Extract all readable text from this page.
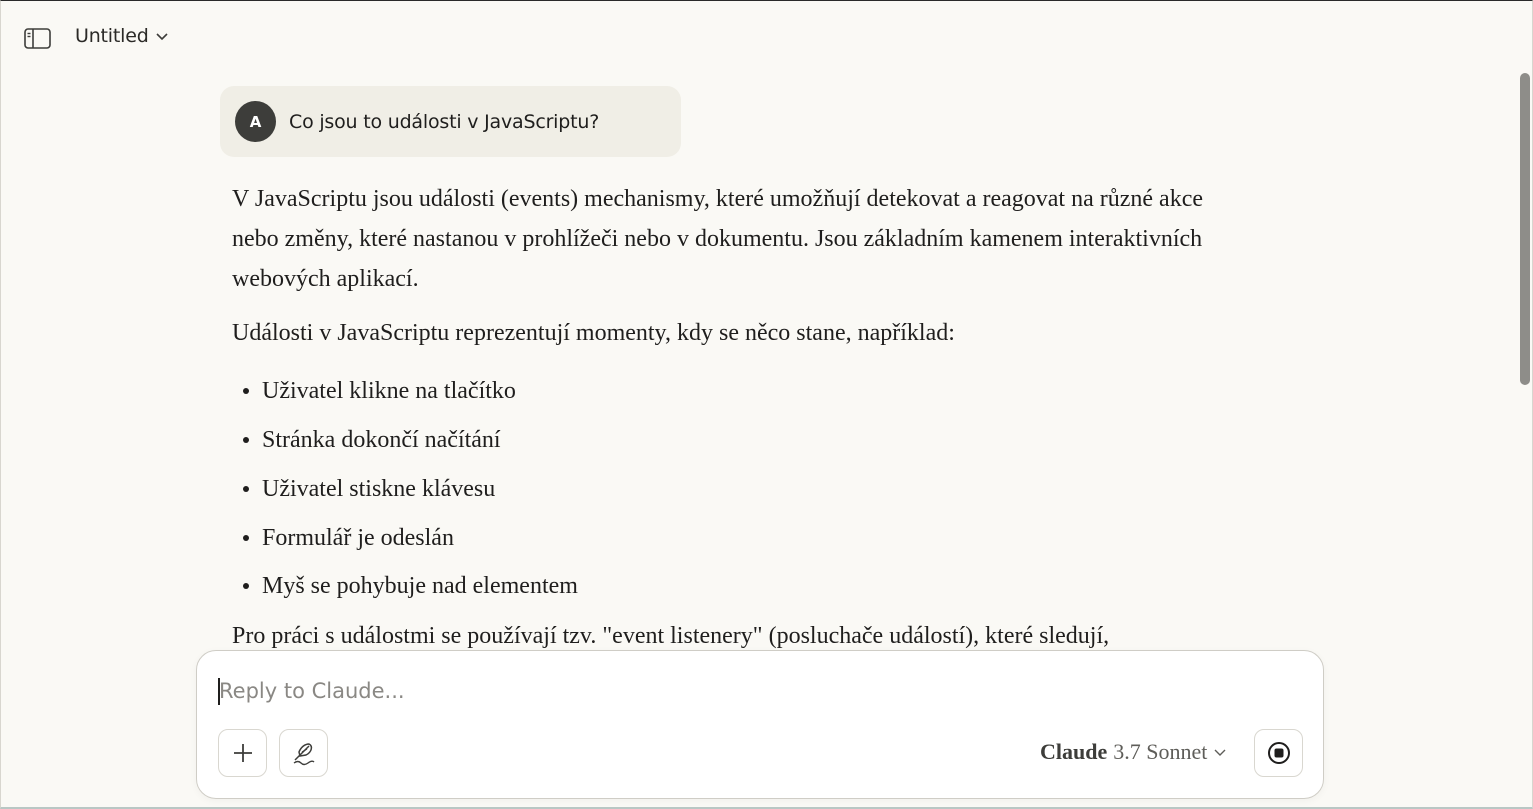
Untitled
A	Co jsou to události v JavaScriptu?

V JavaScriptu jsou události (events) mechanismy, které umožňují detekovat a reagovat na různé akce nebo změny, které nastanou v prohlížeči nebo v dokumentu. Jsou základním kamenem interaktivních webových aplikací.

Události v JavaScriptu reprezentují momenty, kdy se něco stane, například:

Uživatel klikne na tlačítko
Stránka dokončí načítání
Uživatel stiskne klávesu
Formulář je odeslán
Myš se pohybuje nad elementem

Pro práci s událostmi se používají tzv. "event listenery" (posluchače událostí), které sledují,

Reply to Claude...
Claude 3.7 Sonnet
